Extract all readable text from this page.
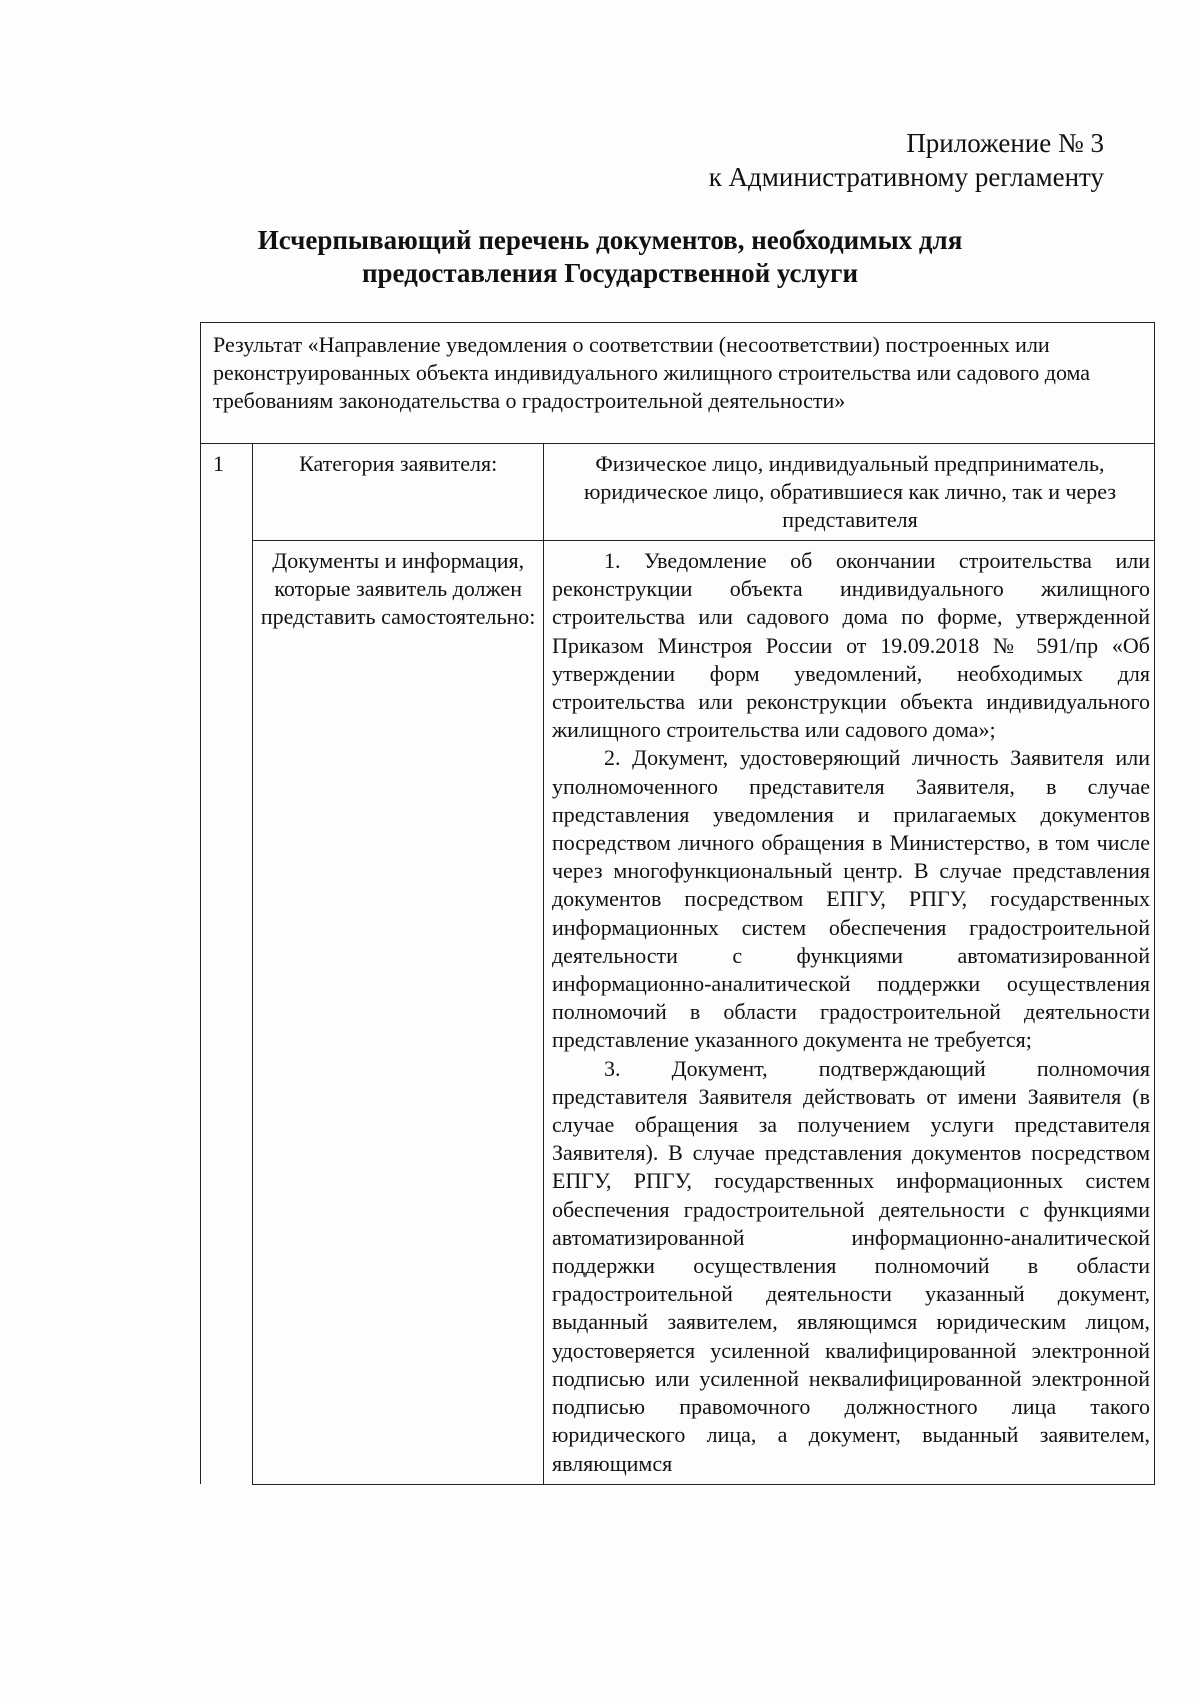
Приложение № 3
к Административному регламенту
Исчерпывающий перечень документов, необходимых для
предоставления Государственной услуги
Результат «Направление уведомления о соответствии (несоответствии) построенных или реконструированных объекта индивидуального жилищного строительства или садового дома требованиям законодательства о градостроительной деятельности»		
1	Категория заявителя:	Физическое лицо, индивидуальный предприниматель, юридическое лицо, обратившиеся как лично, так и через представителя
	Документы и информация, которые заявитель должен представить самостоятельно:	1. Уведомление об окончании строительства или реконструкции объекта индивидуального жилищного строительства или садового дома по форме, утвержденной Приказом Минстроя России от 19.09.2018 № 591/пр «Об утверждении форм уведомлений, необходимых для строительства или реконструкции объекта индивидуального жилищного строительства или садового дома»;

2. Документ, удостоверяющий личность Заявителя или уполномоченного представителя Заявителя, в случае представления уведомления и прилагаемых документов посредством личного обращения в Министерство, в том числе через многофункциональный центр. В случае представления документов посредством ЕПГУ, РПГУ, государственных информационных систем обеспечения градостроительной деятельности с функциями автоматизированной информационно-аналитической поддержки осуществления полномочий в области градостроительной деятельности представление указанного документа не требуется;

3. Документ, подтверждающий полномочия представителя Заявителя действовать от имени Заявителя (в случае обращения за получением услуги представителя Заявителя). В случае представления документов посредством ЕПГУ, РПГУ, государственных информационных систем обеспечения градостроительной деятельности с функциями автоматизированной информационно-аналитической поддержки осуществления полномочий в области градостроительной деятельности указанный документ, выданный заявителем, являющимся юридическим лицом, удостоверяется усиленной квалифицированной электронной подписью или усиленной неквалифицированной электронной подписью правомочного должностного лица такого юридического лица, а документ, выданный заявителем, являющимся
